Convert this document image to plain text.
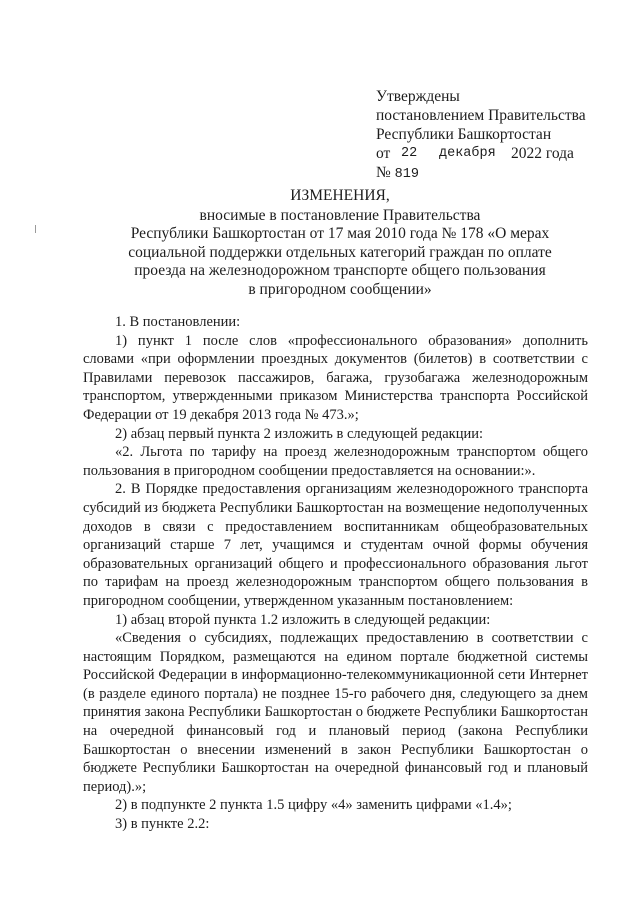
Утверждены
постановлением Правительства
Республики Башкортостан
от 22	декабря 2022 года
№ 819
ИЗМЕНЕНИЯ,
вносимые в постановление Правительства
Республики Башкортостан от 17 мая 2010 года № 178 «О мерах
социальной поддержки отдельных категорий граждан по оплате
проезда на железнодорожном транспорте общего пользования
в пригородном сообщении»

1. В постановлении:

1) пункт 1 после слов «профессионального образования» дополнить словами «при оформлении проездных документов (билетов) в соответствии с Правилами перевозок пассажиров, багажа, грузобагажа железнодорожным транспортом, утвержденными приказом Министерства транспорта Российской Федерации от 19 декабря 2013 года № 473.»;

2) абзац первый пункта 2 изложить в следующей редакции:

«2. Льгота по тарифу на проезд железнодорожным транспортом общего пользования в пригородном сообщении предоставляется на основании:».

2. В Порядке предоставления организациям железнодорожного транспорта субсидий из бюджета Республики Башкортостан на возмещение недополученных доходов в связи с предоставлением воспитанникам общеобразовательных организаций старше 7 лет, учащимся и студентам очной формы обучения образовательных организаций общего и профессионального образования льгот по тарифам на проезд железнодорожным транспортом общего пользования в пригородном сообщении, утвержденном указанным постановлением:

1) абзац второй пункта 1.2 изложить в следующей редакции:

«Сведения о субсидиях, подлежащих предоставлению в соответствии с настоящим Порядком, размещаются на едином портале бюджетной системы Российской Федерации в информационно-телекоммуникационной сети Интернет (в разделе единого портала) не позднее 15-го рабочего дня, следующего за днем принятия закона Республики Башкортостан о бюджете Республики Башкортостан на очередной финансовый год и плановый период (закона Республики Башкортостан о внесении изменений в закон Республики Башкортостан о бюджете Республики Башкортостан на очередной финансовый год и плановый период).»;

2) в подпункте 2 пункта 1.5 цифру «4» заменить цифрами «1.4»;

3) в пункте 2.2:
